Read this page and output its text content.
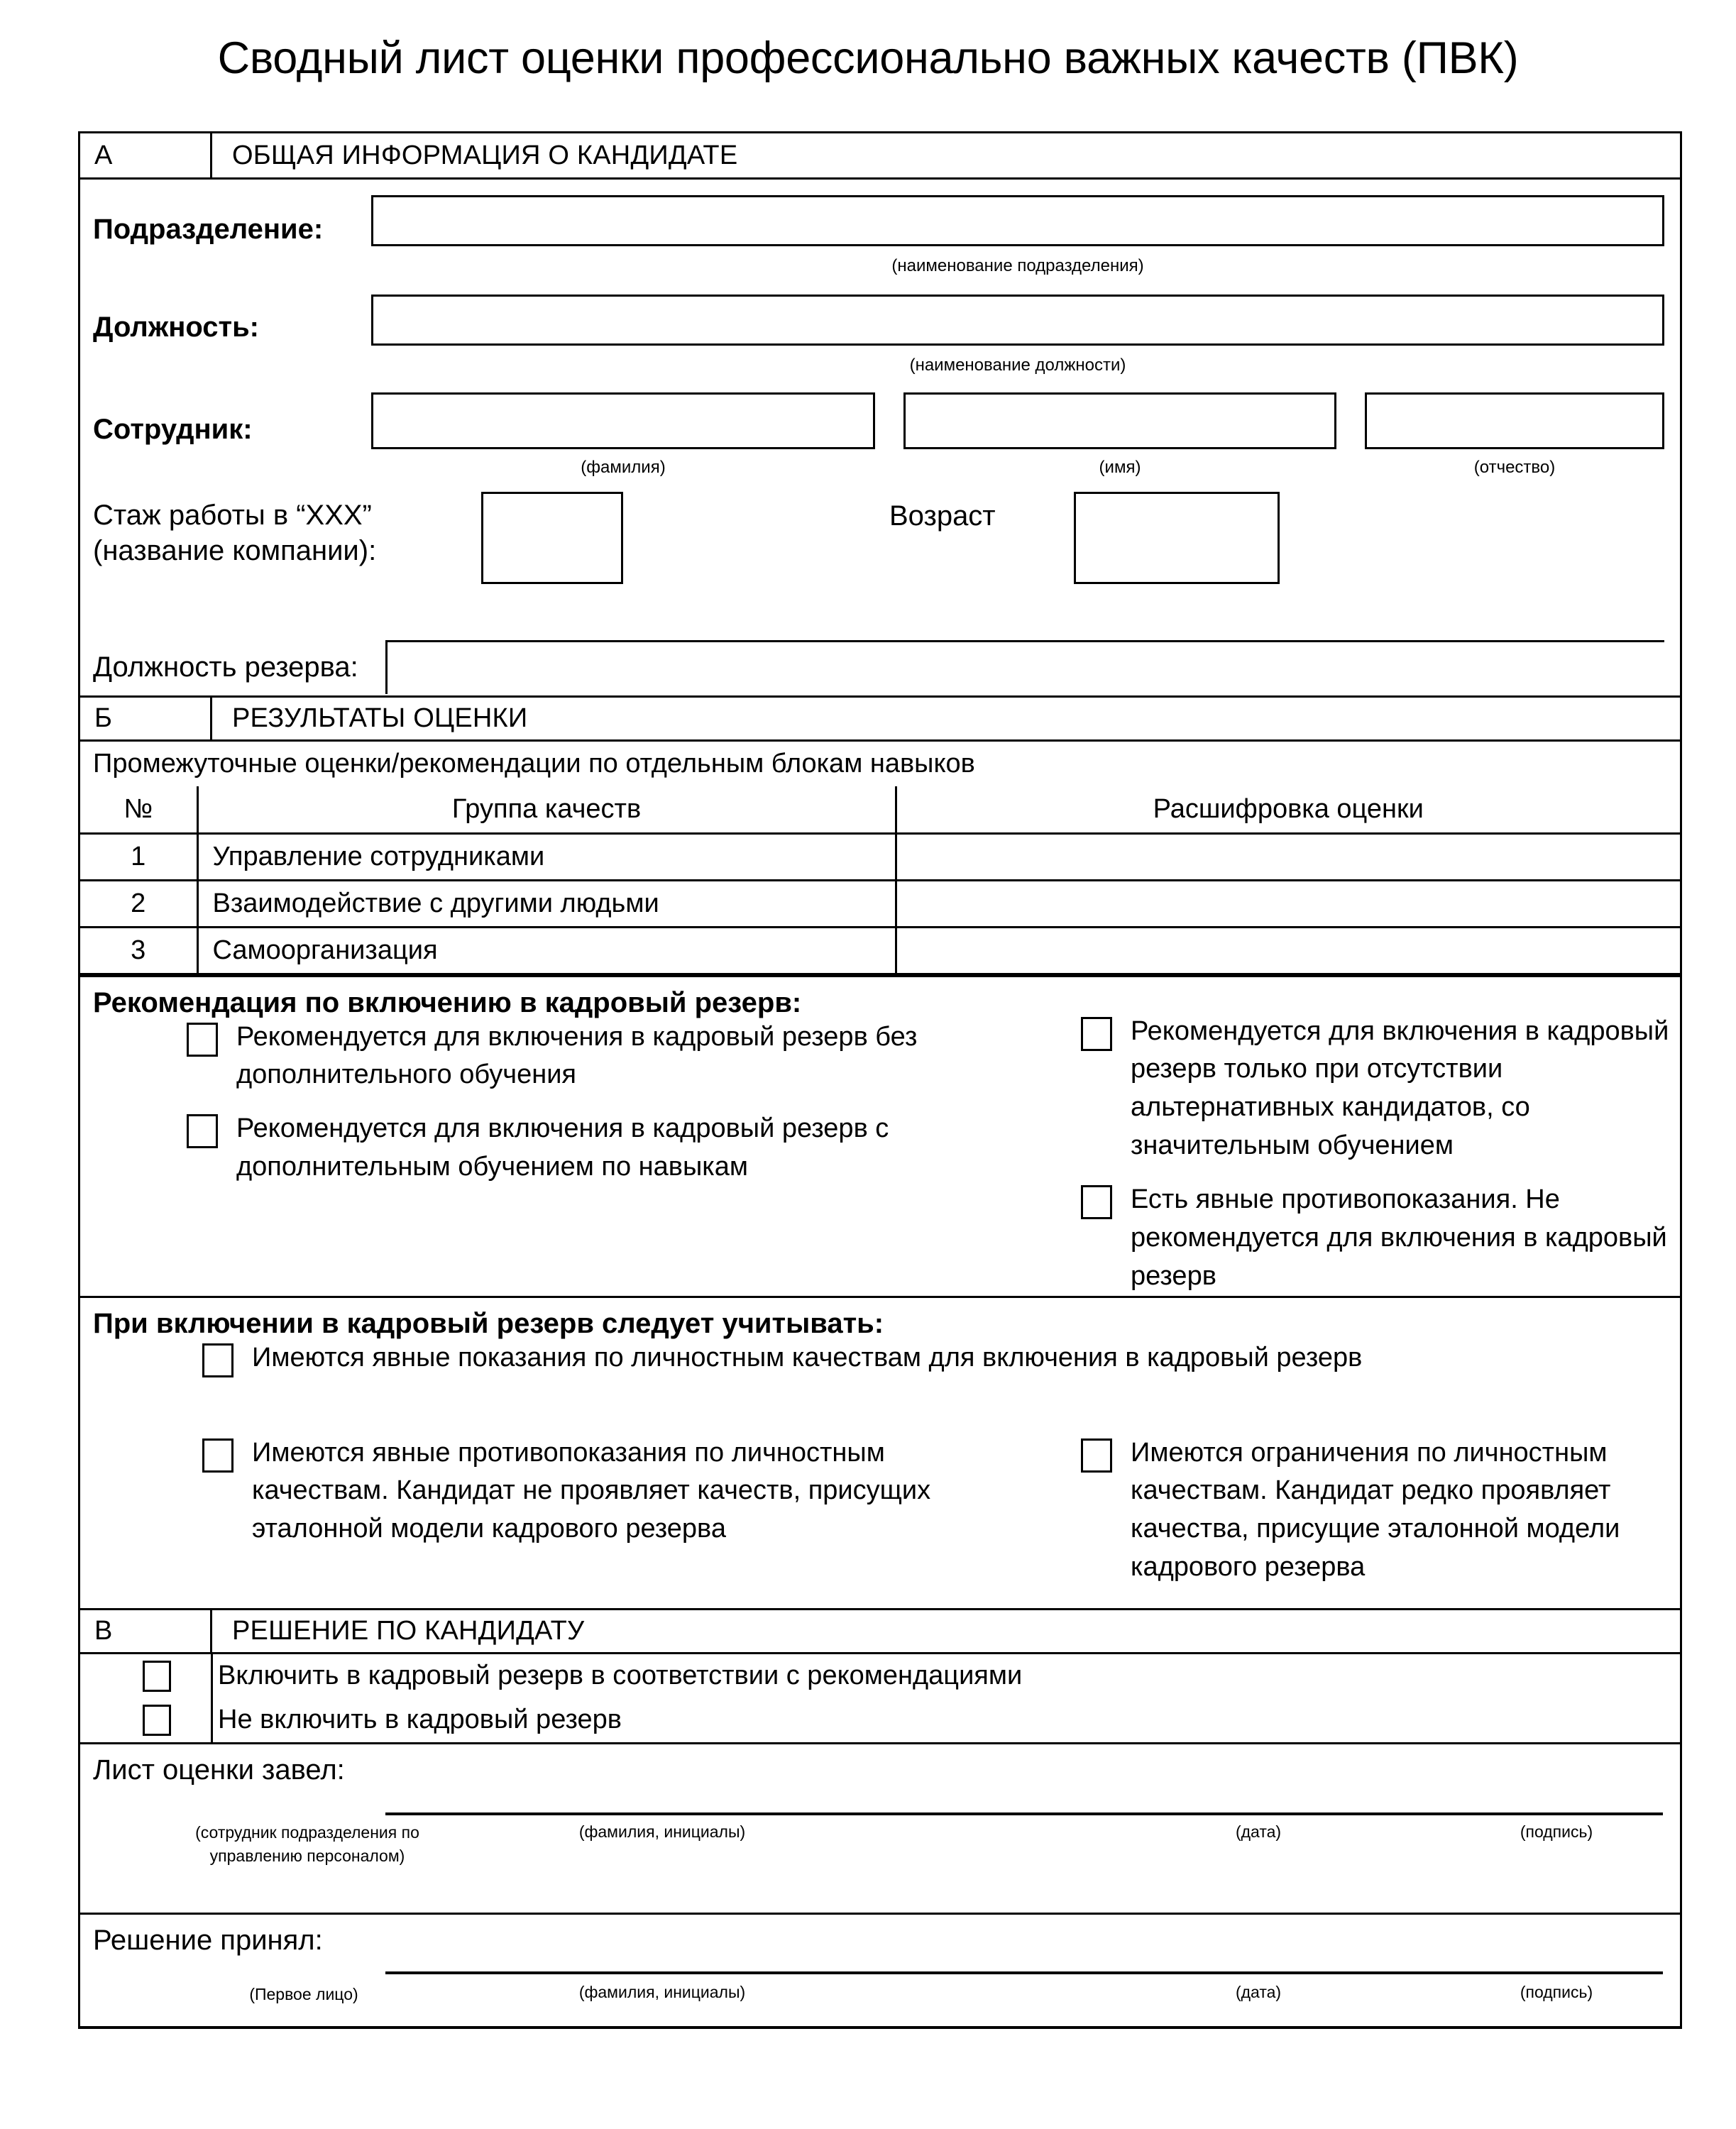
Сводный лист оценки профессионально важных качеств (ПВК)
А	ОБЩАЯ ИНФОРМАЦИЯ О КАНДИДАТЕ
Подразделение:
(наименование подразделения)
Должность:
(наименование должности)
Сотрудник:
(фамилия)	(имя)	(отчество)
Стаж работы в “ХХХ” (название компании):
Возраст
Должность резерва:
Б	РЕЗУЛЬТАТЫ ОЦЕНКИ
Промежуточные оценки/рекомендации по отдельным блокам навыков
№	Группа качеств	Расшифровка оценки
1	Управление сотрудниками	
2	Взаимодействие с другими людьми	
3	Самоорганизация	
Рекомендация по включению в кадровый резерв:
Рекомендуется для включения в кадровый резерв без дополнительного обучения
Рекомендуется для включения в кадровый резерв с дополнительным обучением по навыкам
Рекомендуется для включения в кадровый резерв только при отсутствии альтернативных кандидатов, со значительным обучением
Есть явные противопоказания. Не рекомендуется для включения в кадровый резерв
При включении в кадровый резерв следует учитывать:
Имеются явные показания по личностным качествам для включения в кадровый резерв
Имеются явные противопоказания по личностным качествам. Кандидат не проявляет качеств, присущих эталонной модели кадрового резерва
Имеются ограничения по личностным качествам. Кандидат редко проявляет качества, присущие эталонной модели кадрового резерва
В	РЕШЕНИЕ ПО КАНДИДАТУ
Включить в кадровый резерв в соответствии с рекомендациями
Не включить в кадровый резерв
Лист оценки завел:
(сотрудник подразделения по управлению персоналом)
(фамилия, инициалы)	(дата)	(подпись)
Решение принял:
(Первое лицо)	(фамилия, инициалы)	(дата)	(подпись)
